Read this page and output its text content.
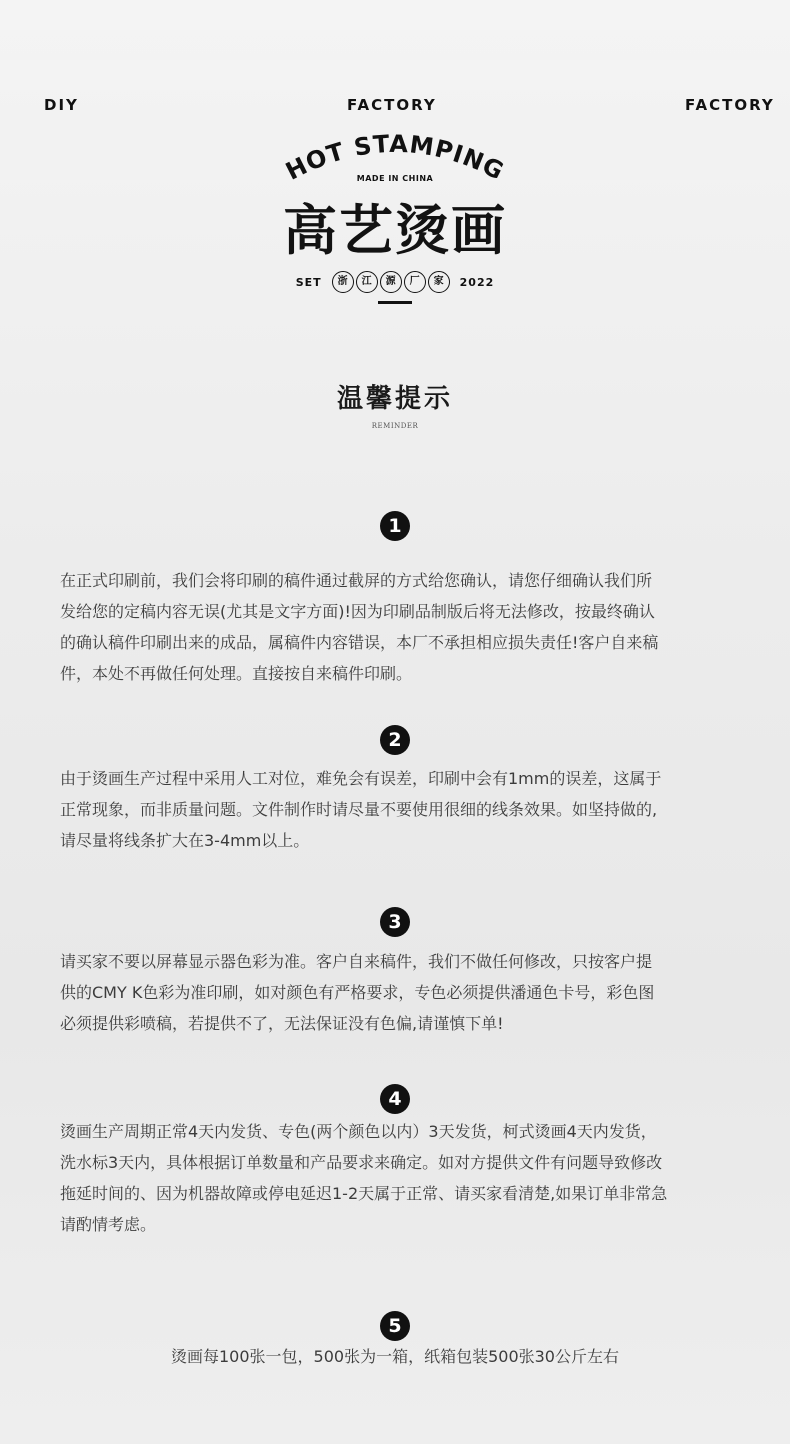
DIY	FACTORY	FACTORY
HOT STAMPING
MADE IN CHINA
高艺烫画
SET	浙	江	源	厂	家	2022
温馨提示
REMINDER
1

在正式印刷前，我们会将印刷的稿件通过截屏的方式给您确认，请您仔细确认我们所

发给您的定稿内容无误(尤其是文字方面)!因为印刷品制版后将无法修改，按最终确认

的确认稿件印刷出来的成品，属稿件内容错误，本厂不承担相应损失责任!客户自来稿

件，本处不再做任何处理。直接按自来稿件印刷。

2

由于烫画生产过程中采用人工对位，难免会有误差，印刷中会有1mm的误差，这属于

正常现象，而非质量问题。文件制作时请尽量不要使用很细的线条效果。如坚持做的,

请尽量将线条扩大在3-4mm以上。

3

请买家不要以屏幕显示器色彩为准。客户自来稿件，我们不做任何修改，只按客户提

供的CMY K色彩为准印刷，如对颜色有严格要求，专色必须提供潘通色卡号，彩色图

必须提供彩喷稿，若提供不了，无法保证没有色偏,请谨慎下单!

4

烫画生产周期正常4天内发货、专色(两个颜色以内）3天发货，柯式烫画4天内发货，

洗水标3天内，具体根据订单数量和产品要求来确定。如对方提供文件有问题导致修改

拖延时间的、因为机器故障或停电延迟1-2天属于正常、请买家看清楚,如果订单非常急

请酌情考虑。

5
烫画每100张一包，500张为一箱，纸箱包装500张30公斤左右
